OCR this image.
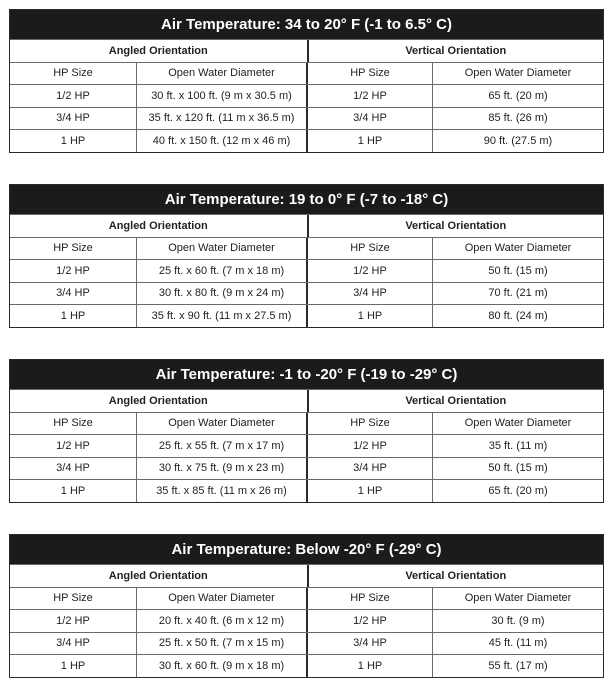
Air Temperature: 34 to 20° F (-1 to 6.5° C)
Angled Orientation	Vertical Orientation
HP Size	Open Water Diameter	HP Size	Open Water Diameter
1/2 HP	30 ft. x 100 ft. (9 m x 30.5 m)	1/2 HP	65 ft. (20 m)
3/4 HP	35 ft. x 120 ft. (11 m x 36.5 m)	3/4 HP	85 ft. (26 m)
1 HP	40 ft. x 150 ft. (12 m x 46 m)	1 HP	90 ft. (27.5 m)
Air Temperature: 19 to 0° F (-7 to -18° C)
Angled Orientation	Vertical Orientation
HP Size	Open Water Diameter	HP Size	Open Water Diameter
1/2 HP	25 ft. x 60 ft. (7 m x 18 m)	1/2 HP	50 ft. (15 m)
3/4 HP	30 ft. x 80 ft. (9 m x 24 m)	3/4 HP	70 ft. (21 m)
1 HP	35 ft. x 90 ft. (11 m x 27.5 m)	1 HP	80 ft. (24 m)
Air Temperature: -1 to -20° F (-19 to -29° C)
Angled Orientation	Vertical Orientation
HP Size	Open Water Diameter	HP Size	Open Water Diameter
1/2 HP	25 ft. x 55 ft. (7 m x 17 m)	1/2 HP	35 ft. (11 m)
3/4 HP	30 ft. x 75 ft. (9 m x 23 m)	3/4 HP	50 ft. (15 m)
1 HP	35 ft. x 85 ft. (11 m x 26 m)	1 HP	65 ft. (20 m)
Air Temperature: Below -20° F (-29° C)
Angled Orientation	Vertical Orientation
HP Size	Open Water Diameter	HP Size	Open Water Diameter
1/2 HP	20 ft. x 40 ft. (6 m x 12 m)	1/2 HP	30 ft. (9 m)
3/4 HP	25 ft. x 50 ft. (7 m x 15 m)	3/4 HP	45 ft. (11 m)
1 HP	30 ft. x 60 ft. (9 m x 18 m)	1 HP	55 ft. (17 m)
